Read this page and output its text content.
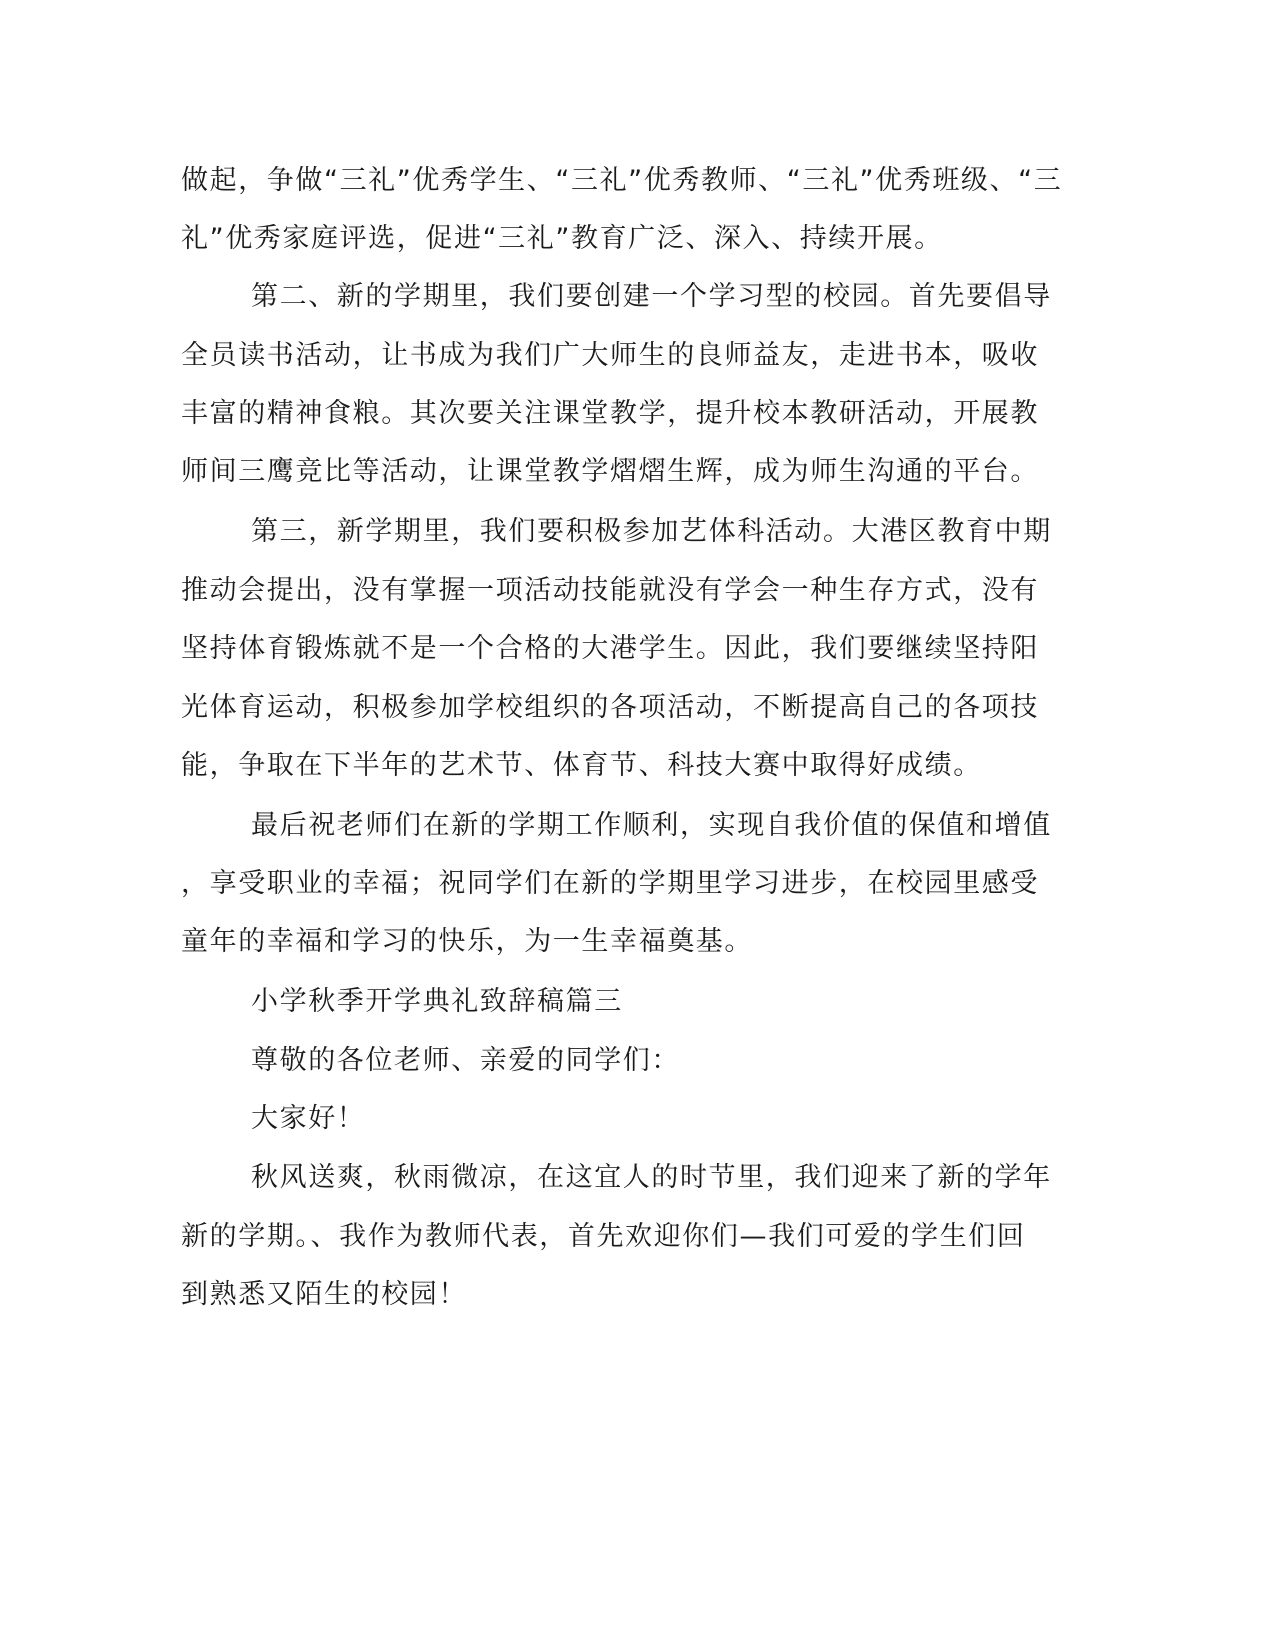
做起，争做“三礼”优秀学生、“三礼”优秀教师、“三礼”优秀班级、“三
礼”优秀家庭评选，促进“三礼”教育广泛、深入、持续开展。
第二、新的学期里，我们要创建一个学习型的校园。首先要倡导
全员读书活动，让书成为我们广大师生的良师益友，走进书本，吸收
丰富的精神食粮。其次要关注课堂教学，提升校本教研活动，开展教
师间三鹰竞比等活动，让课堂教学熠熠生辉，成为师生沟通的平台。
第三，新学期里，我们要积极参加艺体科活动。大港区教育中期
推动会提出，没有掌握一项活动技能就没有学会一种生存方式，没有
坚持体育锻炼就不是一个合格的大港学生。因此，我们要继续坚持阳
光体育运动，积极参加学校组织的各项活动，不断提高自己的各项技
能，争取在下半年的艺术节、体育节、科技大赛中取得好成绩。
最后祝老师们在新的学期工作顺利，实现自我价值的保值和增值
，享受职业的幸福；祝同学们在新的学期里学习进步，在校园里感受
童年的幸福和学习的快乐，为一生幸福奠基。
小学秋季开学典礼致辞稿篇三
尊敬的各位老师、亲爱的同学们：
大家好！
秋风送爽，秋雨微凉，在这宜人的时节里，我们迎来了新的学年
新的学期。、我作为教师代表，首先欢迎你们—我们可爱的学生们回
到熟悉又陌生的校园！
